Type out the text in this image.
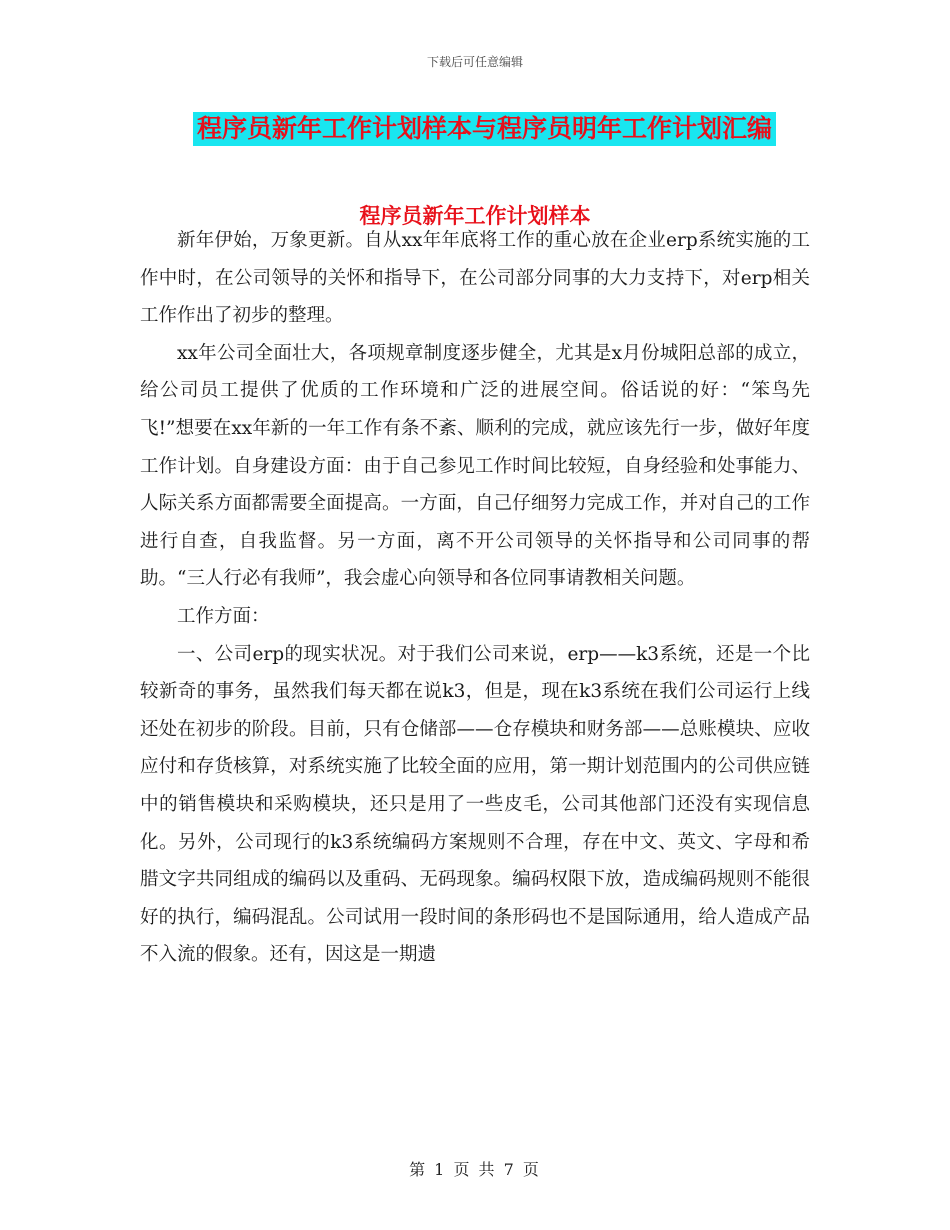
下载后可任意编辑
程序员新年工作计划样本与程序员明年工作计划汇编
程序员新年工作计划样本

新年伊始，万象更新。自从xx年年底将工作的重心放在企业erp系统实施的工作中时，在公司领导的关怀和指导下，在公司部分同事的大力支持下，对erp相关工作作出了初步的整理。

xx年公司全面壮大，各项规章制度逐步健全，尤其是x月份城阳总部的成立，给公司员工提供了优质的工作环境和广泛的进展空间。俗话说的好：“笨鸟先飞!”想要在xx年新的一年工作有条不紊、顺利的完成，就应该先行一步，做好年度工作计划。自身建设方面：由于自己参见工作时间比较短，自身经验和处事能力、人际关系方面都需要全面提高。一方面，自己仔细努力完成工作，并对自己的工作进行自查，自我监督。另一方面，离不开公司领导的关怀指导和公司同事的帮助。“三人行必有我师”，我会虚心向领导和各位同事请教相关问题。

工作方面：

一、公司erp的现实状况。对于我们公司来说，erp——k3系统，还是一个比较新奇的事务，虽然我们每天都在说k3，但是，现在k3系统在我们公司运行上线还处在初步的阶段。目前，只有仓储部——仓存模块和财务部——总账模块、应收应付和存货核算，对系统实施了比较全面的应用，第一期计划范围内的公司供应链中的销售模块和采购模块，还只是用了一些皮毛，公司其他部门还没有实现信息化。另外，公司现行的k3系统编码方案规则不合理，存在中文、英文、字母和希腊文字共同组成的编码以及重码、无码现象。编码权限下放，造成编码规则不能很好的执行，编码混乱。公司试用一段时间的条形码也不是国际通用，给人造成产品不入流的假象。还有，因这是一期遗

第 1 页 共 7 页
